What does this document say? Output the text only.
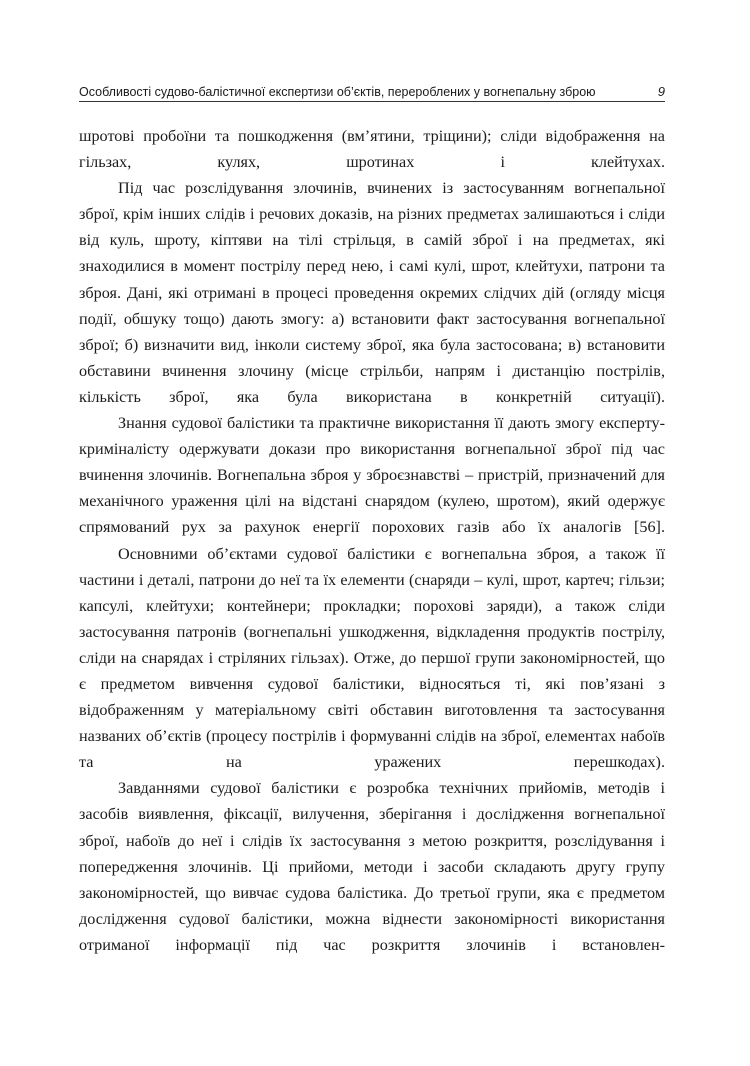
Особливості судово-балістичної експертизи об’єктів, перероблених у вогнепальну зброю	9

шротові пробоїни та пошкодження (вм’ятини, тріщини); сліди відображення на гільзах, кулях, шротинах і клейтухах.

Під час розслідування злочинів, вчинених із застосуванням вогнепальної зброї, крім інших слідів і речових доказів, на різних предметах залишаються і сліди від куль, шроту, кіптяви на тілі стрільця, в самій зброї і на предметах, які знаходилися в момент пострілу перед нею, і самі кулі, шрот, клейтухи, патрони та зброя. Дані, які отримані в процесі проведення окремих слідчих дій (огляду місця події, обшуку тощо) дають змогу: а) встановити факт застосування вогнепальної зброї; б) визначити вид, інколи систему зброї, яка була застосована; в) встановити обставини вчинення злочину (місце стрільби, напрям і дистанцію пострілів, кількість зброї, яка була використана в конкретній ситуації).

Знання судової балістики та практичне використання її дають змогу експерту-криміналісту одержувати докази про використання вогнепальної зброї під час вчинення злочинів. Вогнепальна зброя у зброєзнавстві – пристрій, призначений для механічного ураження цілі на відстані снарядом (кулею, шротом), який одержує спрямований рух за рахунок енергії порохових газів або їх аналогів [56].

Основними об’єктами судової балістики є вогнепальна зброя, а також її частини і деталі, патрони до неї та їх елементи (снаряди – кулі, шрот, картеч; гільзи; капсулі, клейтухи; контейнери; прокладки; порохові заряди), а також сліди застосування патронів (вогнепальні ушкодження, відкладення продуктів пострілу, сліди на снарядах і стріляних гільзах). Отже, до першої групи закономірностей, що є предметом вивчення судової балістики, відносяться ті, які пов’язані з відображенням у матеріальному світі обставин виготовлення та застосування названих об’єктів (процесу пострілів і формуванні слідів на зброї, елементах набоїв та на уражених перешкодах).

Завданнями судової балістики є розробка технічних прийомів, методів і засобів виявлення, фіксації, вилучення, зберігання і дослідження вогнепальної зброї, набоїв до неї і слідів їх застосування з метою розкриття, розслідування і попередження злочинів. Ці прийоми, методи і засоби складають другу групу закономірностей, що вивчає судова балістика. До третьої групи, яка є предметом дослідження судової балістики, можна віднести закономірності використання отриманої інформації під час розкриття злочинів і встановлен-
